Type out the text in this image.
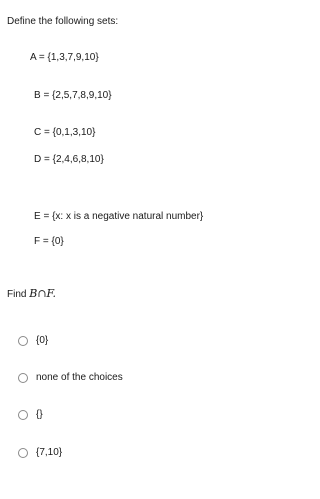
Define the following sets:
A = {1,3,7,9,10}
B = {2,5,7,8,9,10}
C = {0,1,3,10}
D = {2,4,6,8,10}
E = {x: x is a negative natural number}
F = {0}
Find B∩F.
{0}
none of the choices
{}
{7,10}
